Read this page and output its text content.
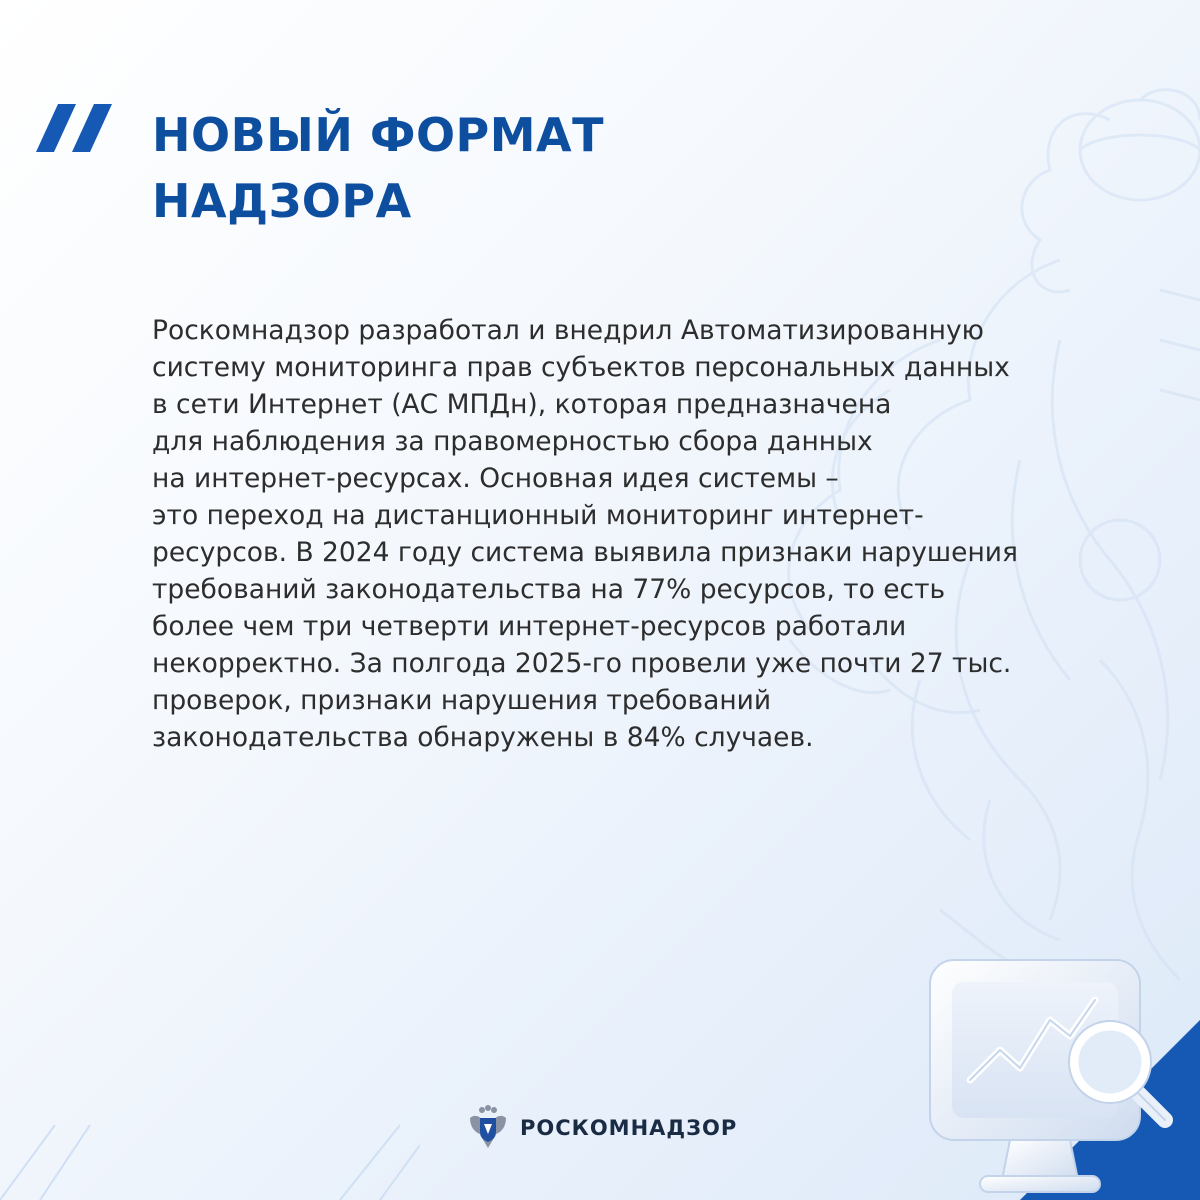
НОВЫЙ ФОРМАТ
НАДЗОРА
Роскомнадзор разработал и внедрил Автоматизированную
систему мониторинга прав субъектов персональных данных
в сети Интернет (АС МПДн), которая предназначена
для наблюдения за правомерностью сбора данных
на интернет-ресурсах. Основная идея системы –
это переход на дистанционный мониторинг интернет-
ресурсов. В 2024 году система выявила признаки нарушения
требований законодательства на 77% ресурсов, то есть
более чем три четверти интернет-ресурсов работали
некорректно. За полгода 2025-го провели уже почти 27 тыс.
проверок, признаки нарушения требований
законодательства обнаружены в 84% случаев.
РОСКОМНАДЗОР
